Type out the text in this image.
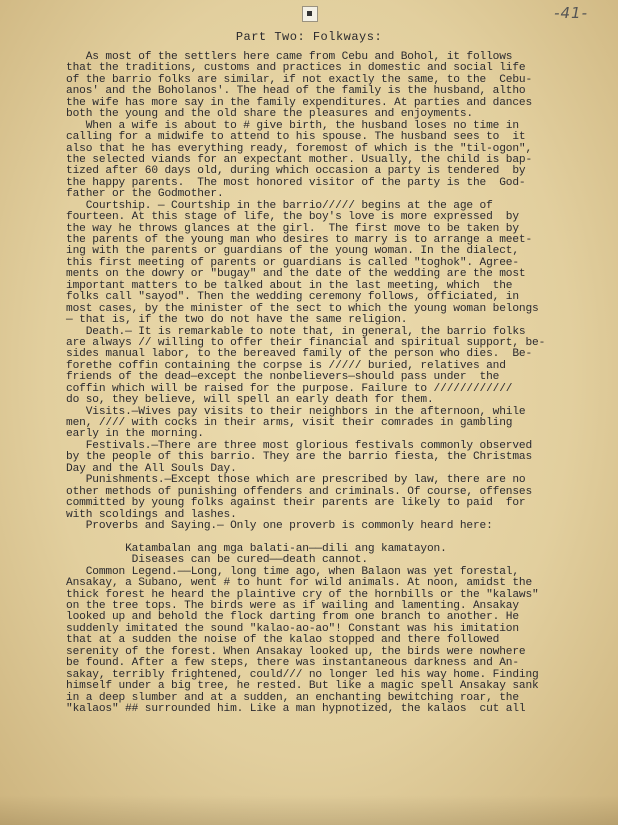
-41-
Part Two: Folkways:
As most of the settlers here came from Cebu and Bohol, it follows
that the traditions, customs and practices in domestic and social life
of the barrio folks are similar, if not exactly the same, to the  Cebu-
anos' and the Boholanos'. The head of the family is the husband, altho
the wife has more say in the family expenditures. At parties and dances
both the young and the old share the pleasures and enjoyments.
When a wife is about to # give birth, the husband loses no time in
calling for a midwife to attend to his spouse. The husband sees to  it
also that he has everything ready, foremost of which is the "til-ogon",
the selected viands for an expectant mother. Usually, the child is bap-
tized after 60 days old, during which occasion a party is tendered  by
the happy parents.  The most honored visitor of the party is the  God-
father or the Godmother.
Courtship. — Courtship in the barrio///// begins at the age of
fourteen. At this stage of life, the boy's love is more expressed  by
the way he throws glances at the girl.  The first move to be taken by
the parents of the young man who desires to marry is to arrange a meet-
ing with the parents or guardians of the young woman. In the dialect,
this first meeting of parents or guardians is called "toghok". Agree-
ments on the dowry or "bugay" and the date of the wedding are the most
important matters to be talked about in the last meeting, which  the
folks call "sayod". Then the wedding ceremony follows, officiated, in
most cases, by the minister of the sect to which the young woman belongs
— that is, if the two do not have the same religion.
Death.— It is remarkable to note that, in general, the barrio folks
are always // willing to offer their financial and spiritual support, be-
sides manual labor, to the bereaved family of the person who dies.  Be-
forethe coffin containing the corpse is ///// buried, relatives and
friends of the dead—except the nonbelievers—should pass under  the
coffin which will be raised for the purpose. Failure to ////////////
do so, they believe, will spell an early death for them.
Visits.—Wives pay visits to their neighbors in the afternoon, while
men, //// with cocks in their arms, visit their comrades in gambling
early in the morning.
Festivals.—There are three most glorious festivals commonly observed
by the people of this barrio. They are the barrio fiesta, the Christmas
Day and the All Souls Day.
Punishments.—Except those which are prescribed by law, there are no
other methods of punishing offenders and criminals. Of course, offenses
committed by young folks against their parents are likely to paid  for
with scoldings and lashes.
Proverbs and Saying.— Only one proverb is commonly heard here:
Katambalan ang mga balati-an——dili ang kamatayon.
Diseases can be cured——death cannot.
Common Legend.——Long, long time ago, when Balaon was yet forestal,
Ansakay, a Subano, went # to hunt for wild animals. At noon, amidst the
thick forest he heard the plaintive cry of the hornbills or the "kalaws"
on the tree tops. The birds were as if wailing and lamenting. Ansakay
looked up and behold the flock darting from one branch to another. He
suddenly imitated the sound "kalao-ao-ao"! Constant was his imitation
that at a sudden the noise of the kalao stopped and there followed
serenity of the forest. When Ansakay looked up, the birds were nowhere
be found. After a few steps, there was instantaneous darkness and An-
sakay, terribly frightened, could/// no longer led his way home. Finding
himself under a big tree, he rested. But like a magic spell Ansakay sank
in a deep slumber and at a sudden, an enchanting bewitching roar, the
"kalaos" ## surrounded him. Like a man hypnotized, the kalaos  cut all
